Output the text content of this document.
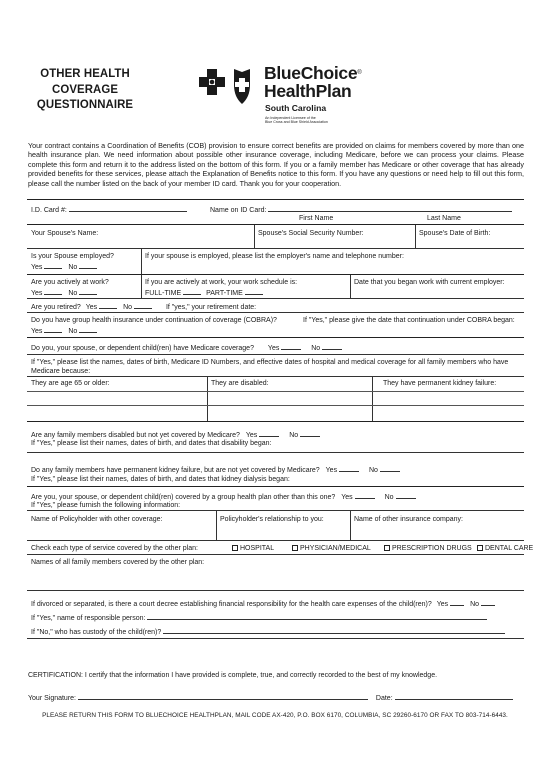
OTHER HEALTH
COVERAGE
QUESTIONNAIRE
BlueChoice®
HealthPlan
South Carolina
An Independent Licensee of the
Blue Cross and Blue Shield Association
Your contract contains a Coordination of Benefits (COB) provision to ensure correct benefits are provided on claims for members covered by more than one health insurance plan. We need information about possible other insurance coverage, including Medicare, before we can process your claims. Please complete this form and return it to the address listed on the bottom of this form. If you or a family member has Medicare or other coverage that has already provided benefits for these services, please attach the Explanation of Benefits notice to this form. If you have any questions or need help to fill out this form, please call the number listed on the back of your member ID card. Thank you for your cooperation.
I.D. Card #:	Name on ID Card:
First Name	Last Name
Your Spouse's Name:	Spouse's Social Security Number:	Spouse's Date of Birth:
Is your Spouse employed?
Yes	No
If your spouse is employed, please list the employer's name and telephone number:
Are you actively at work?
Yes	No
If you are actively at work, your work schedule is:
FULL-TIME	PART-TIME
Date that you began work with current employer:
Are you retired? Yes	No	If "yes," your retirement date:
Do you have group health insurance under continuation of coverage (COBRA)?	If "Yes," please give the date that continuation under COBRA began:
Yes	No
Do you, your spouse, or dependent child(ren) have Medicare coverage? Yes	No
If "Yes," please list the names, dates of birth, Medicare ID Numbers, and effective dates of hospital and medical coverage for all family members who have Medicare because:
They are age 65 or older:	They are disabled:	They have permanent kidney failure:
Are any family members disabled but not yet covered by Medicare? Yes	No
If "Yes," please list their names, dates of birth, and dates that disability began:
Do any family members have permanent kidney failure, but are not yet covered by Medicare? Yes	No
If "Yes," please list their names, dates of birth, and dates that kidney dialysis began:
Are you, your spouse, or dependent child(ren) covered by a group health plan other than this one? Yes	No
If "Yes," please furnish the following information:
Name of Policyholder with other coverage:	Policyholder's relationship to you:	Name of other insurance company:
Check each type of service covered by the other plan:	HOSPITAL	PHYSICIAN/MEDICAL	PRESCRIPTION DRUGS	DENTAL CARE
Names of all family members covered by the other plan:
If divorced or separated, is there a court decree establishing financial responsibility for the health care expenses of the child(ren)? Yes	No
If "Yes," name of responsible person:
If "No," who has custody of the child(ren)?
CERTIFICATION: I certify that the information I have provided is complete, true, and correctly recorded to the best of my knowledge.
Your Signature:	Date:
PLEASE RETURN THIS FORM TO BLUECHOICE HEALTHPLAN, MAIL CODE AX-420, P.O. BOX 6170, COLUMBIA, SC 29260-6170 OR FAX TO 803-714-6443.
